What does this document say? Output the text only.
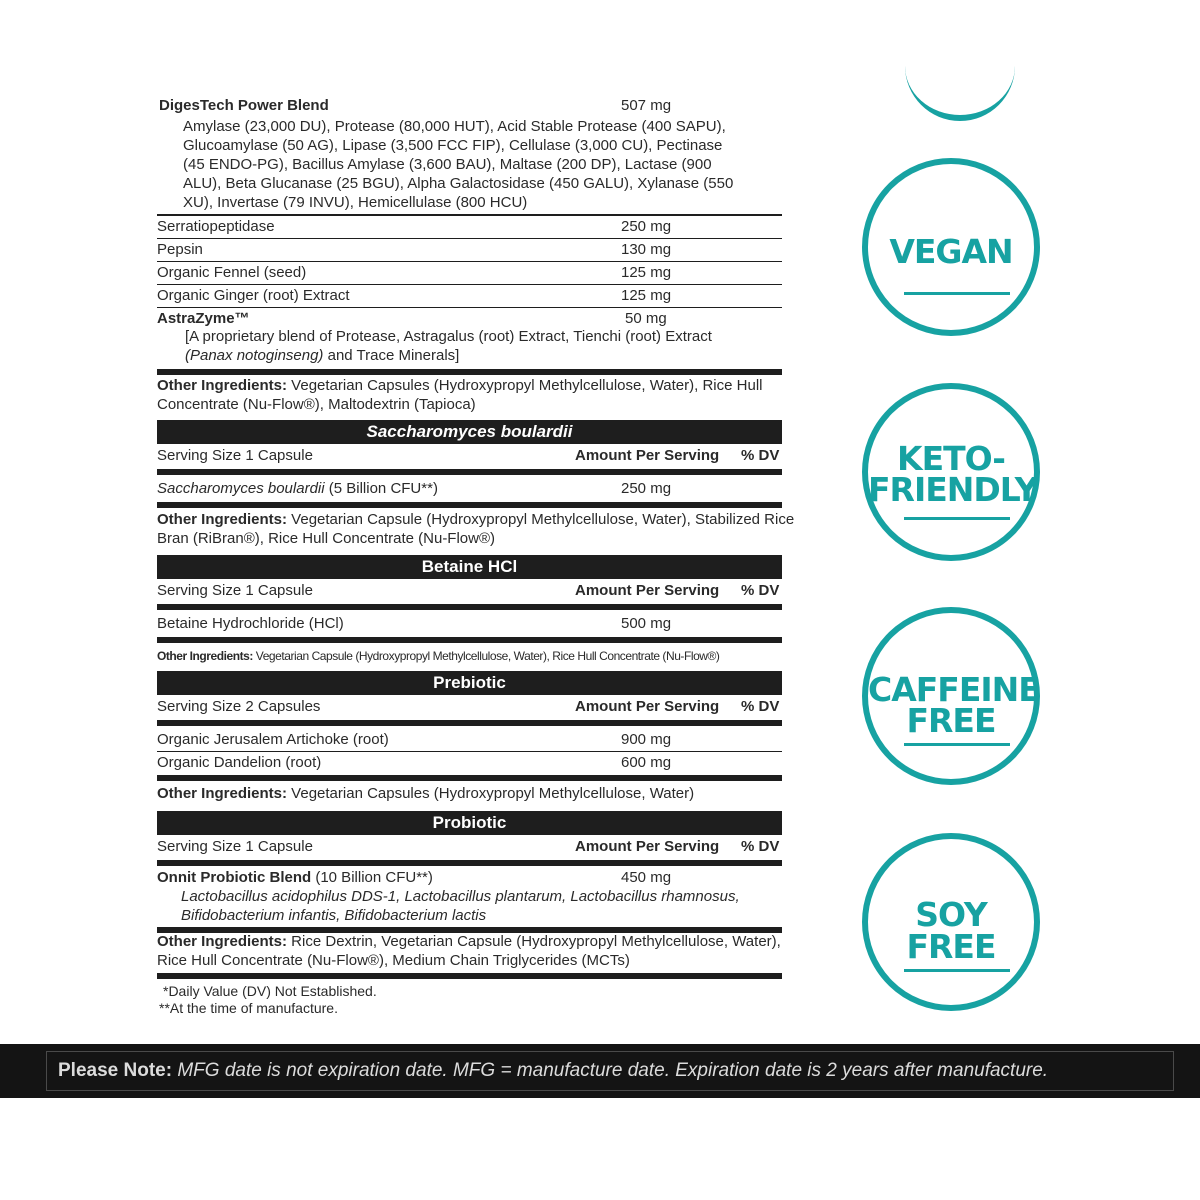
DigesTech Power Blend	507 mg
Amylase (23,000 DU), Protease (80,000 HUT), Acid Stable Protease (400 SAPU),
Glucoamylase (50 AG), Lipase (3,500 FCC FIP), Cellulase (3,000 CU), Pectinase
(45 ENDO-PG), Bacillus Amylase (3,600 BAU), Maltase (200 DP), Lactase (900
ALU), Beta Glucanase (25 BGU), Alpha Galactosidase (450 GALU), Xylanase (550
XU), Invertase (79 INVU), Hemicellulase (800 HCU)
Serratiopeptidase	250 mg
Pepsin	130 mg
Organic Fennel (seed)	125 mg
Organic Ginger (root) Extract	125 mg
AstraZyme™	50 mg
[A proprietary blend of Protease, Astragalus (root) Extract, Tienchi (root) Extract
(Panax notoginseng) and Trace Minerals]
Other Ingredients: Vegetarian Capsules (Hydroxypropyl Methylcellulose, Water), Rice Hull
Concentrate (Nu-Flow®), Maltodextrin (Tapioca)
Saccharomyces boulardii
Serving Size 1 Capsule	Amount Per Serving % DV
Saccharomyces boulardii (5 Billion CFU**)	250 mg
Other Ingredients: Vegetarian Capsule (Hydroxypropyl Methylcellulose, Water), Stabilized Rice
Bran (RiBran®), Rice Hull Concentrate (Nu-Flow®)
Betaine HCl
Serving Size 1 Capsule	Amount Per Serving % DV
Betaine Hydrochloride (HCl)	500 mg
Other Ingredients: Vegetarian Capsule (Hydroxypropyl Methylcellulose, Water), Rice Hull Concentrate (Nu-Flow®)
Prebiotic
Serving Size 2 Capsules	Amount Per Serving % DV
Organic Jerusalem Artichoke (root)	900 mg
Organic Dandelion (root)	600 mg
Other Ingredients: Vegetarian Capsules (Hydroxypropyl Methylcellulose, Water)
Probiotic
Serving Size 1 Capsule	Amount Per Serving % DV
Onnit Probiotic Blend (10 Billion CFU**)	450 mg
Lactobacillus acidophilus DDS-1, Lactobacillus plantarum, Lactobacillus rhamnosus,
Bifidobacterium infantis, Bifidobacterium lactis
Other Ingredients: Rice Dextrin, Vegetarian Capsule (Hydroxypropyl Methylcellulose, Water),
Rice Hull Concentrate (Nu-Flow®), Medium Chain Triglycerides (MCTs)
*Daily Value (DV) Not Established.
**At the time of manufacture.
VEGAN
KETO-
FRIENDLY
CAFFEINE
FREE
SOY
FREE
Please Note: MFG date is not expiration date. MFG = manufacture date. Expiration date is 2 years after manufacture.
